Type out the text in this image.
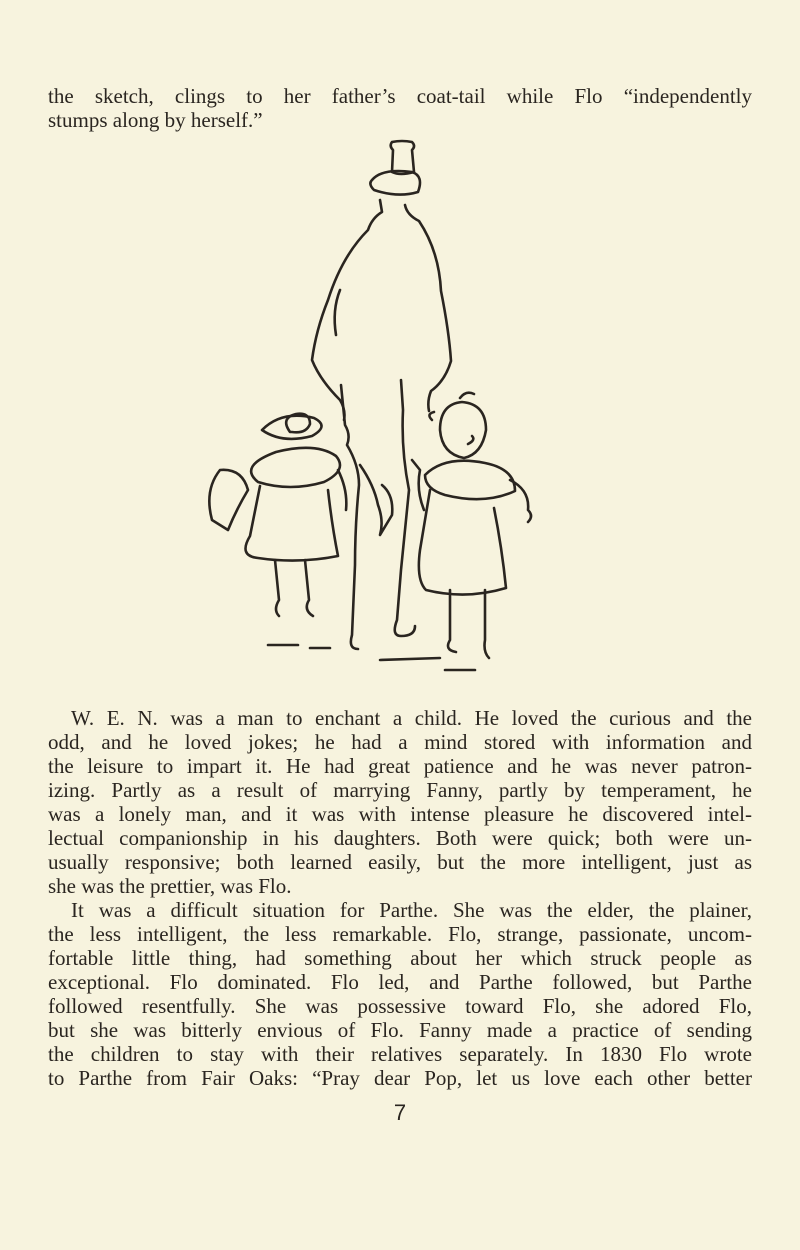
the sketch, clings to her father’s coat-tail while Flo “independently
stumps along by herself.”

W. E. N. was a man to enchant a child. He loved the curious and the
odd, and he loved jokes; he had a mind stored with information and
the leisure to impart it. He had great patience and he was never patron-
izing. Partly as a result of marrying Fanny, partly by temperament, he
was a lonely man, and it was with intense pleasure he discovered intel-
lectual companionship in his daughters. Both were quick; both were un-
usually responsive; both learned easily, but the more intelligent, just as
she was the prettier, was Flo.

It was a difficult situation for Parthe. She was the elder, the plainer,
the less intelligent, the less remarkable. Flo, strange, passionate, uncom-
fortable little thing, had something about her which struck people as
exceptional. Flo dominated. Flo led, and Parthe followed, but Parthe
followed resentfully. She was possessive toward Flo, she adored Flo,
but she was bitterly envious of Flo. Fanny made a practice of sending
the children to stay with their relatives separately. In 1830 Flo wrote
to Parthe from Fair Oaks: “Pray dear Pop, let us love each other better

7
